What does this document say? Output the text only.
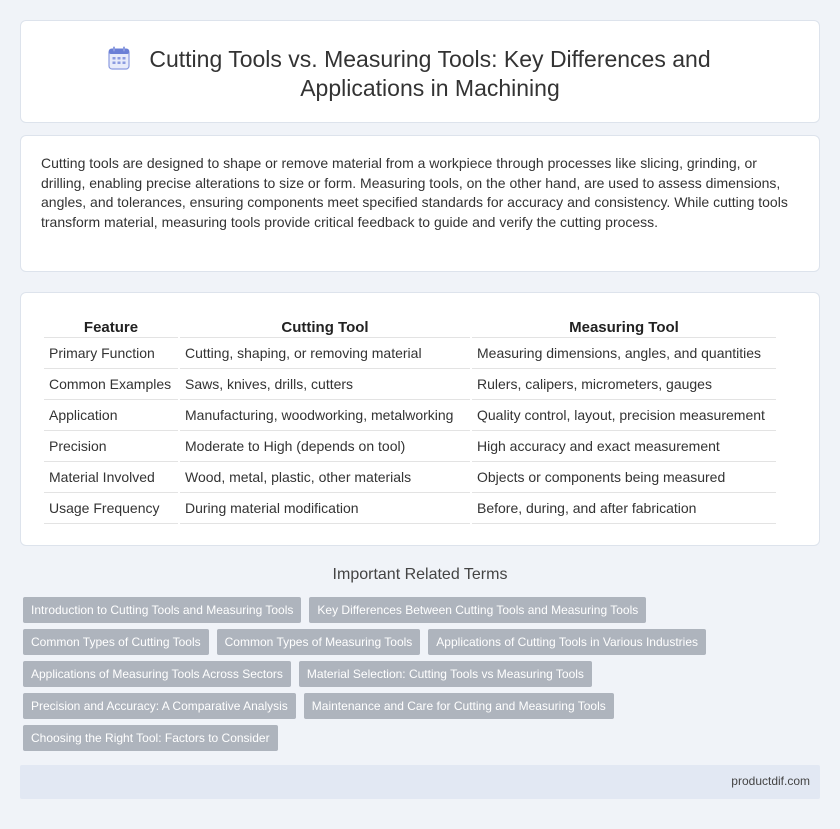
Cutting Tools vs. Measuring Tools: Key Differences and Applications in Machining

Cutting tools are designed to shape or remove material from a workpiece through processes like slicing, grinding, or drilling, enabling precise alterations to size or form. Measuring tools, on the other hand, are used to assess dimensions, angles, and tolerances, ensuring components meet specified standards for accuracy and consistency. While cutting tools transform material, measuring tools provide critical feedback to guide and verify the cutting process.

Feature	Cutting Tool	Measuring Tool
Primary Function	Cutting, shaping, or removing material	Measuring dimensions, angles, and quantities
Common Examples	Saws, knives, drills, cutters	Rulers, calipers, micrometers, gauges
Application	Manufacturing, woodworking, metalworking	Quality control, layout, precision measurement
Precision	Moderate to High (depends on tool)	High accuracy and exact measurement
Material Involved	Wood, metal, plastic, other materials	Objects or components being measured
Usage Frequency	During material modification	Before, during, and after fabrication
Important Related Terms
Introduction to Cutting Tools and Measuring Tools	Key Differences Between Cutting Tools and Measuring Tools
Common Types of Cutting Tools	Common Types of Measuring Tools	Applications of Cutting Tools in Various Industries
Applications of Measuring Tools Across Sectors	Material Selection: Cutting Tools vs Measuring Tools
Precision and Accuracy: A Comparative Analysis	Maintenance and Care for Cutting and Measuring Tools
Choosing the Right Tool: Factors to Consider
productdif.com
